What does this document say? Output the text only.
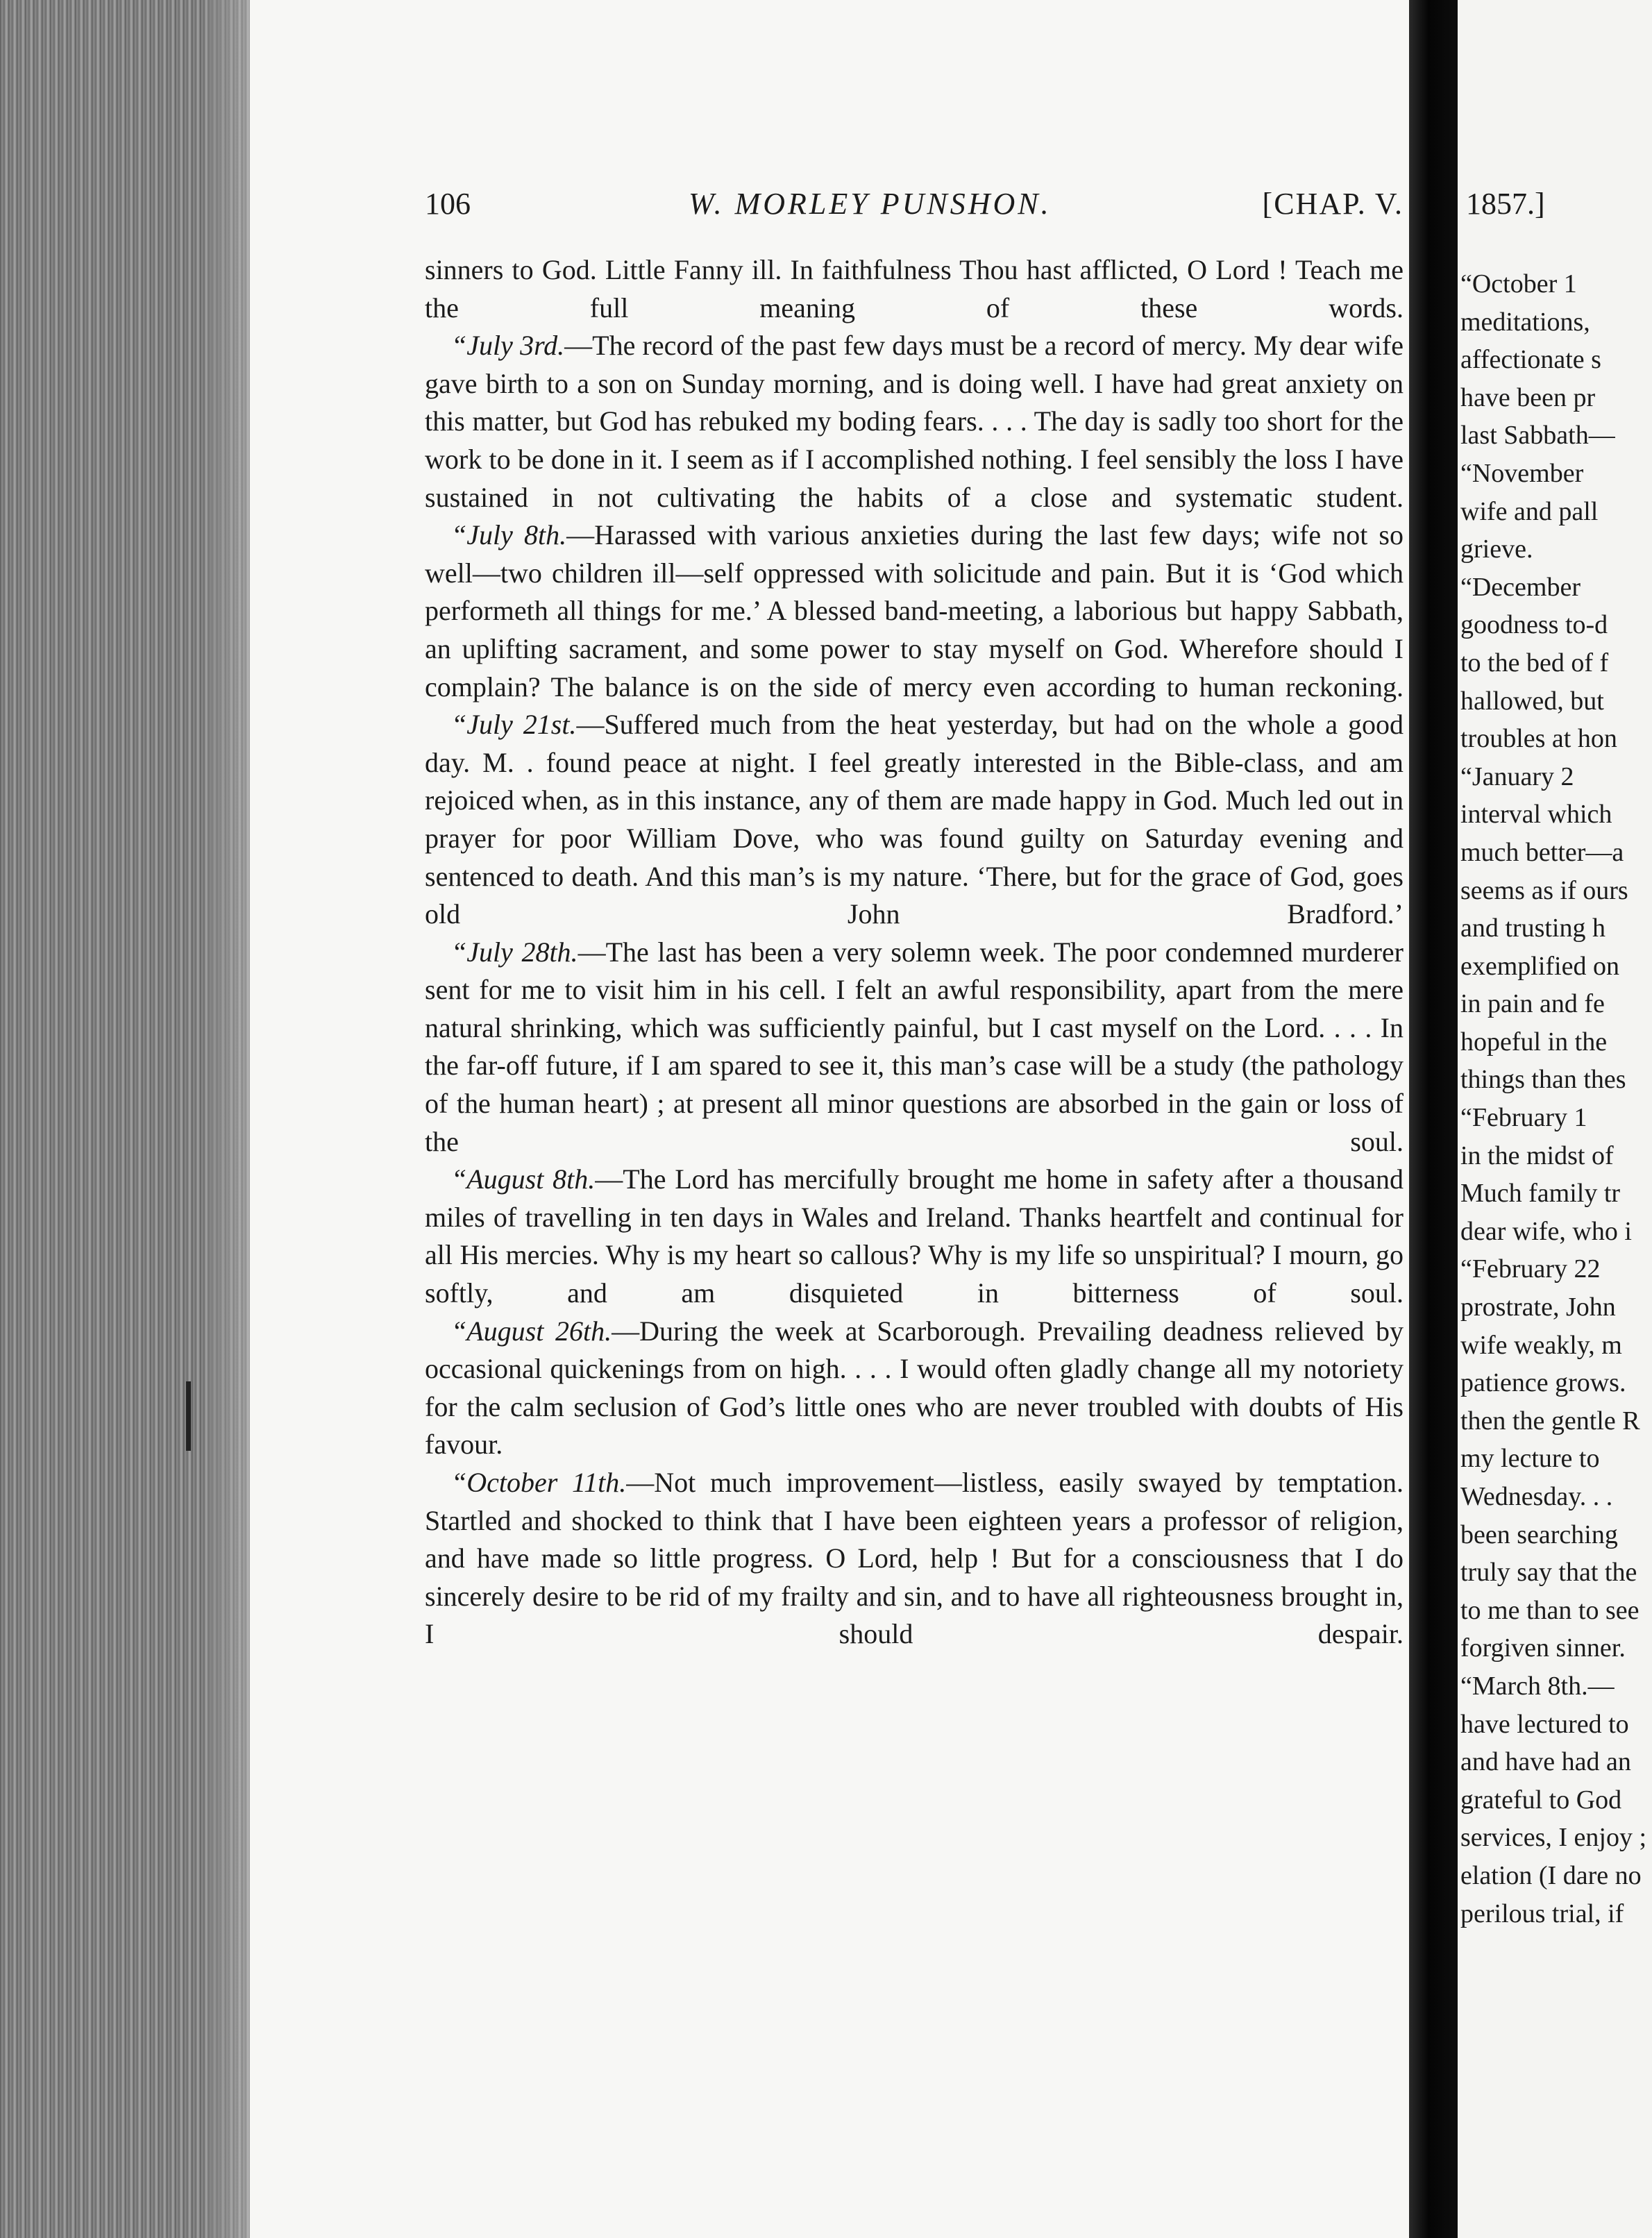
106	W. MORLEY PUNSHON.	[CHAP. V.

sinners to God. Little Fanny ill. In faithfulness Thou hast afflicted, O Lord ! Teach me the full meaning of these words.

“July 3rd.—The record of the past few days must be a record of mercy. My dear wife gave birth to a son on Sunday morning, and is doing well. I have had great anxiety on this matter, but God has rebuked my boding fears. . . . The day is sadly too short for the work to be done in it. I seem as if I accomplished nothing. I feel sensibly the loss I have sustained in not cultivating the habits of a close and systematic student.

“July 8th.—Harassed with various anxieties during the last few days; wife not so well—two children ill—self oppressed with solicitude and pain. But it is ‘God which performeth all things for me.’ A blessed band-meeting, a laborious but happy Sabbath, an uplifting sacrament, and some power to stay myself on God. Wherefore should I complain? The balance is on the side of mercy even according to human reckoning.

“July 21st.—Suffered much from the heat yesterday, but had on the whole a good day. M. . found peace at night. I feel greatly interested in the Bible-class, and am rejoiced when, as in this instance, any of them are made happy in God. Much led out in prayer for poor William Dove, who was found guilty on Saturday evening and sentenced to death. And this man’s is my nature. ‘There, but for the grace of God, goes old John Bradford.’

“July 28th.—The last has been a very solemn week. The poor condemned murderer sent for me to visit him in his cell. I felt an awful responsibility, apart from the mere natural shrinking, which was sufficiently painful, but I cast myself on the Lord. . . . In the far-off future, if I am spared to see it, this man’s case will be a study (the pathology of the human heart) ; at present all minor questions are absorbed in the gain or loss of the soul.

“August 8th.—The Lord has mercifully brought me home in safety after a thousand miles of travelling in ten days in Wales and Ireland. Thanks heartfelt and continual for all His mercies. Why is my heart so callous? Why is my life so unspiritual? I mourn, go softly, and am disquieted in bitterness of soul.

“August 26th.—During the week at Scarborough. Prevailing deadness relieved by occasional quickenings from on high. . . . I would often gladly change all my notoriety for the calm seclusion of God’s little ones who are never troubled with doubts of His favour.

“October 11th.—Not much improvement—listless, easily swayed by temptation. Startled and shocked to think that I have been eighteen years a professor of religion, and have made so little progress. O Lord, help ! But for a consciousness that I do sincerely desire to be rid of my frailty and sin, and to have all righteousness brought in, I should despair.

1857.]
“October 1
meditations,
affectionate s
have been pr
last Sabbath—
“November
wife and pall
grieve.
“December
goodness to-d
to the bed of f
hallowed, but
troubles at hon
“January 2
interval which
much better—a
seems as if ours
and trusting h
exemplified on
in pain and fe
hopeful in the
things than thes
“February 1
in the midst of
Much family tr
dear wife, who i
“February 22
prostrate, John
wife weakly, m
patience grows.
then the gentle R
my lecture to
Wednesday. . .
been searching
truly say that the
to me than to see
forgiven sinner.
“March 8th.—
have lectured to
and have had an
grateful to God
services, I enjoy ;
elation (I dare no
perilous trial, if
